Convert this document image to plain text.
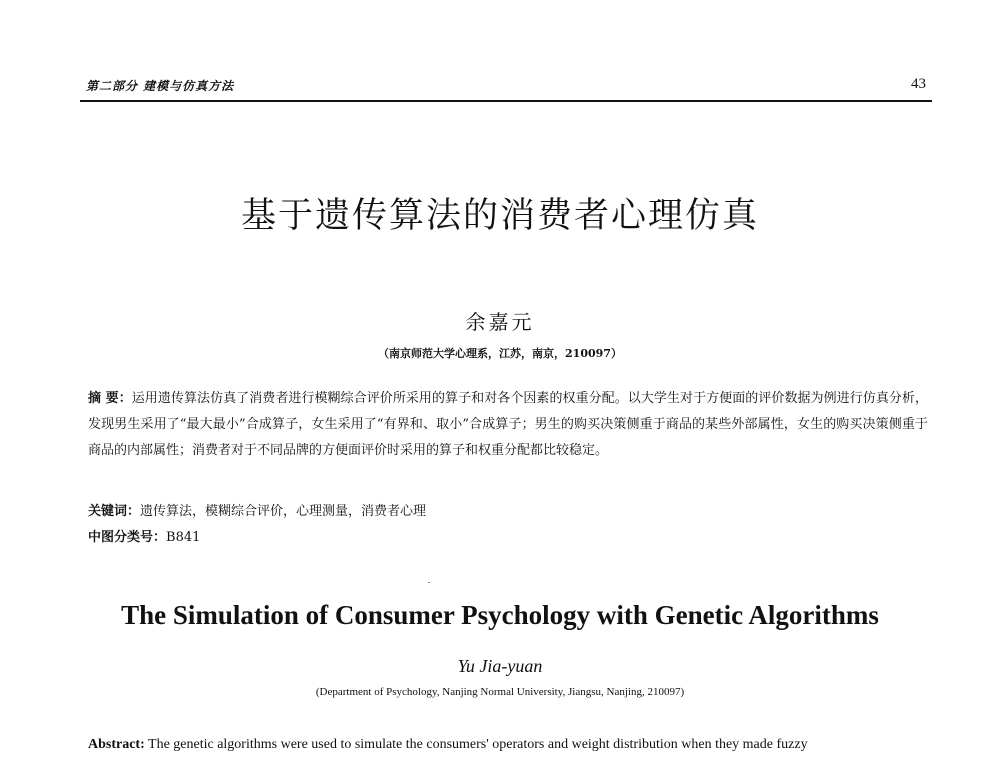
第二部分 建模与仿真方法	43
基于遗传算法的消费者心理仿真
余嘉元
（南京师范大学心理系，江苏，南京，210097）
摘 要：运用遗传算法仿真了消费者进行模糊综合评价所采用的算子和对各个因素的权重分配。以大学生对于方便面的评价数据为例进行仿真分析，发现男生采用了“最大最小”合成算子，女生采用了“有界和、取小”合成算子；男生的购买决策侧重于商品的某些外部属性，女生的购买决策侧重于商品的内部属性；消费者对于不同品牌的方便面评价时采用的算子和权重分配都比较稳定。
关键词：遗传算法，模糊综合评价，心理测量，消费者心理
中图分类号：B841
The Simulation of Consumer Psychology with Genetic Algorithms
Yu Jia-yuan
(Department of Psychology, Nanjing Normal University, Jiangsu, Nanjing, 210097)
Abstract: The genetic algorithms were used to simulate the consumers' operators and weight distribution when they made fuzzy
